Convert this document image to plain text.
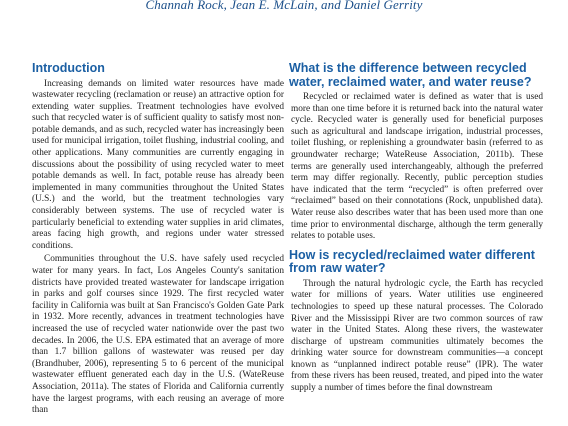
Channah Rock, Jean E. McLain, and Daniel Gerrity
Introduction

Increasing demands on limited water resources have made wastewater recycling (reclamation or reuse) an attractive option for extending water supplies. Treatment technologies have evolved such that recycled water is of sufficient quality to satisfy most non-potable demands, and as such, recycled water has increasingly been used for municipal irrigation, toilet flushing, industrial cooling, and other applications. Many communities are currently engaging in discussions about the possibility of using recycled water to meet potable demands as well. In fact, potable reuse has already been implemented in many communities throughout the United States (U.S.) and the world, but the treatment technologies vary considerably between systems. The use of recycled water is particularly beneficial to extending water supplies in arid climates, areas facing high growth, and regions under water stressed conditions.

Communities throughout the U.S. have safely used recycled water for many years. In fact, Los Angeles County's sanitation districts have provided treated wastewater for landscape irrigation in parks and golf courses since 1929. The first recycled water facility in California was built at San Francisco's Golden Gate Park in 1932. More recently, advances in treatment technologies have increased the use of recycled water nationwide over the past two decades. In 2006, the U.S. EPA estimated that an average of more than 1.7 billion gallons of wastewater was reused per day (Brandhuber, 2006), representing 5 to 6 percent of the municipal wastewater effluent generated each day in the U.S. (WateReuse Association, 2011a). The states of Florida and California currently have the largest programs, with each reusing an average of more than

What is the difference between recycled water, reclaimed water, and water reuse?

Recycled or reclaimed water is defined as water that is used more than one time before it is returned back into the natural water cycle. Recycled water is generally used for beneficial purposes such as agricultural and landscape irrigation, industrial processes, toilet flushing, or replenishing a groundwater basin (referred to as groundwater recharge; WateReuse Association, 2011b). These terms are generally used interchangeably, although the preferred term may differ regionally. Recently, public perception studies have indicated that the term “recycled” is often preferred over “reclaimed” based on their connotations (Rock, unpublished data). Water reuse also describes water that has been used more than one time prior to environmental discharge, although the term generally relates to potable uses.

How is recycled/reclaimed water different from raw water?

Through the natural hydrologic cycle, the Earth has recycled water for millions of years. Water utilities use engineered technologies to speed up these natural processes. The Colorado River and the Mississippi River are two common sources of raw water in the United States. Along these rivers, the wastewater discharge of upstream communities ultimately becomes the drinking water source for downstream communities—a concept known as “unplanned indirect potable reuse” (IPR). The water from these rivers has been reused, treated, and piped into the water supply a number of times before the final downstream
